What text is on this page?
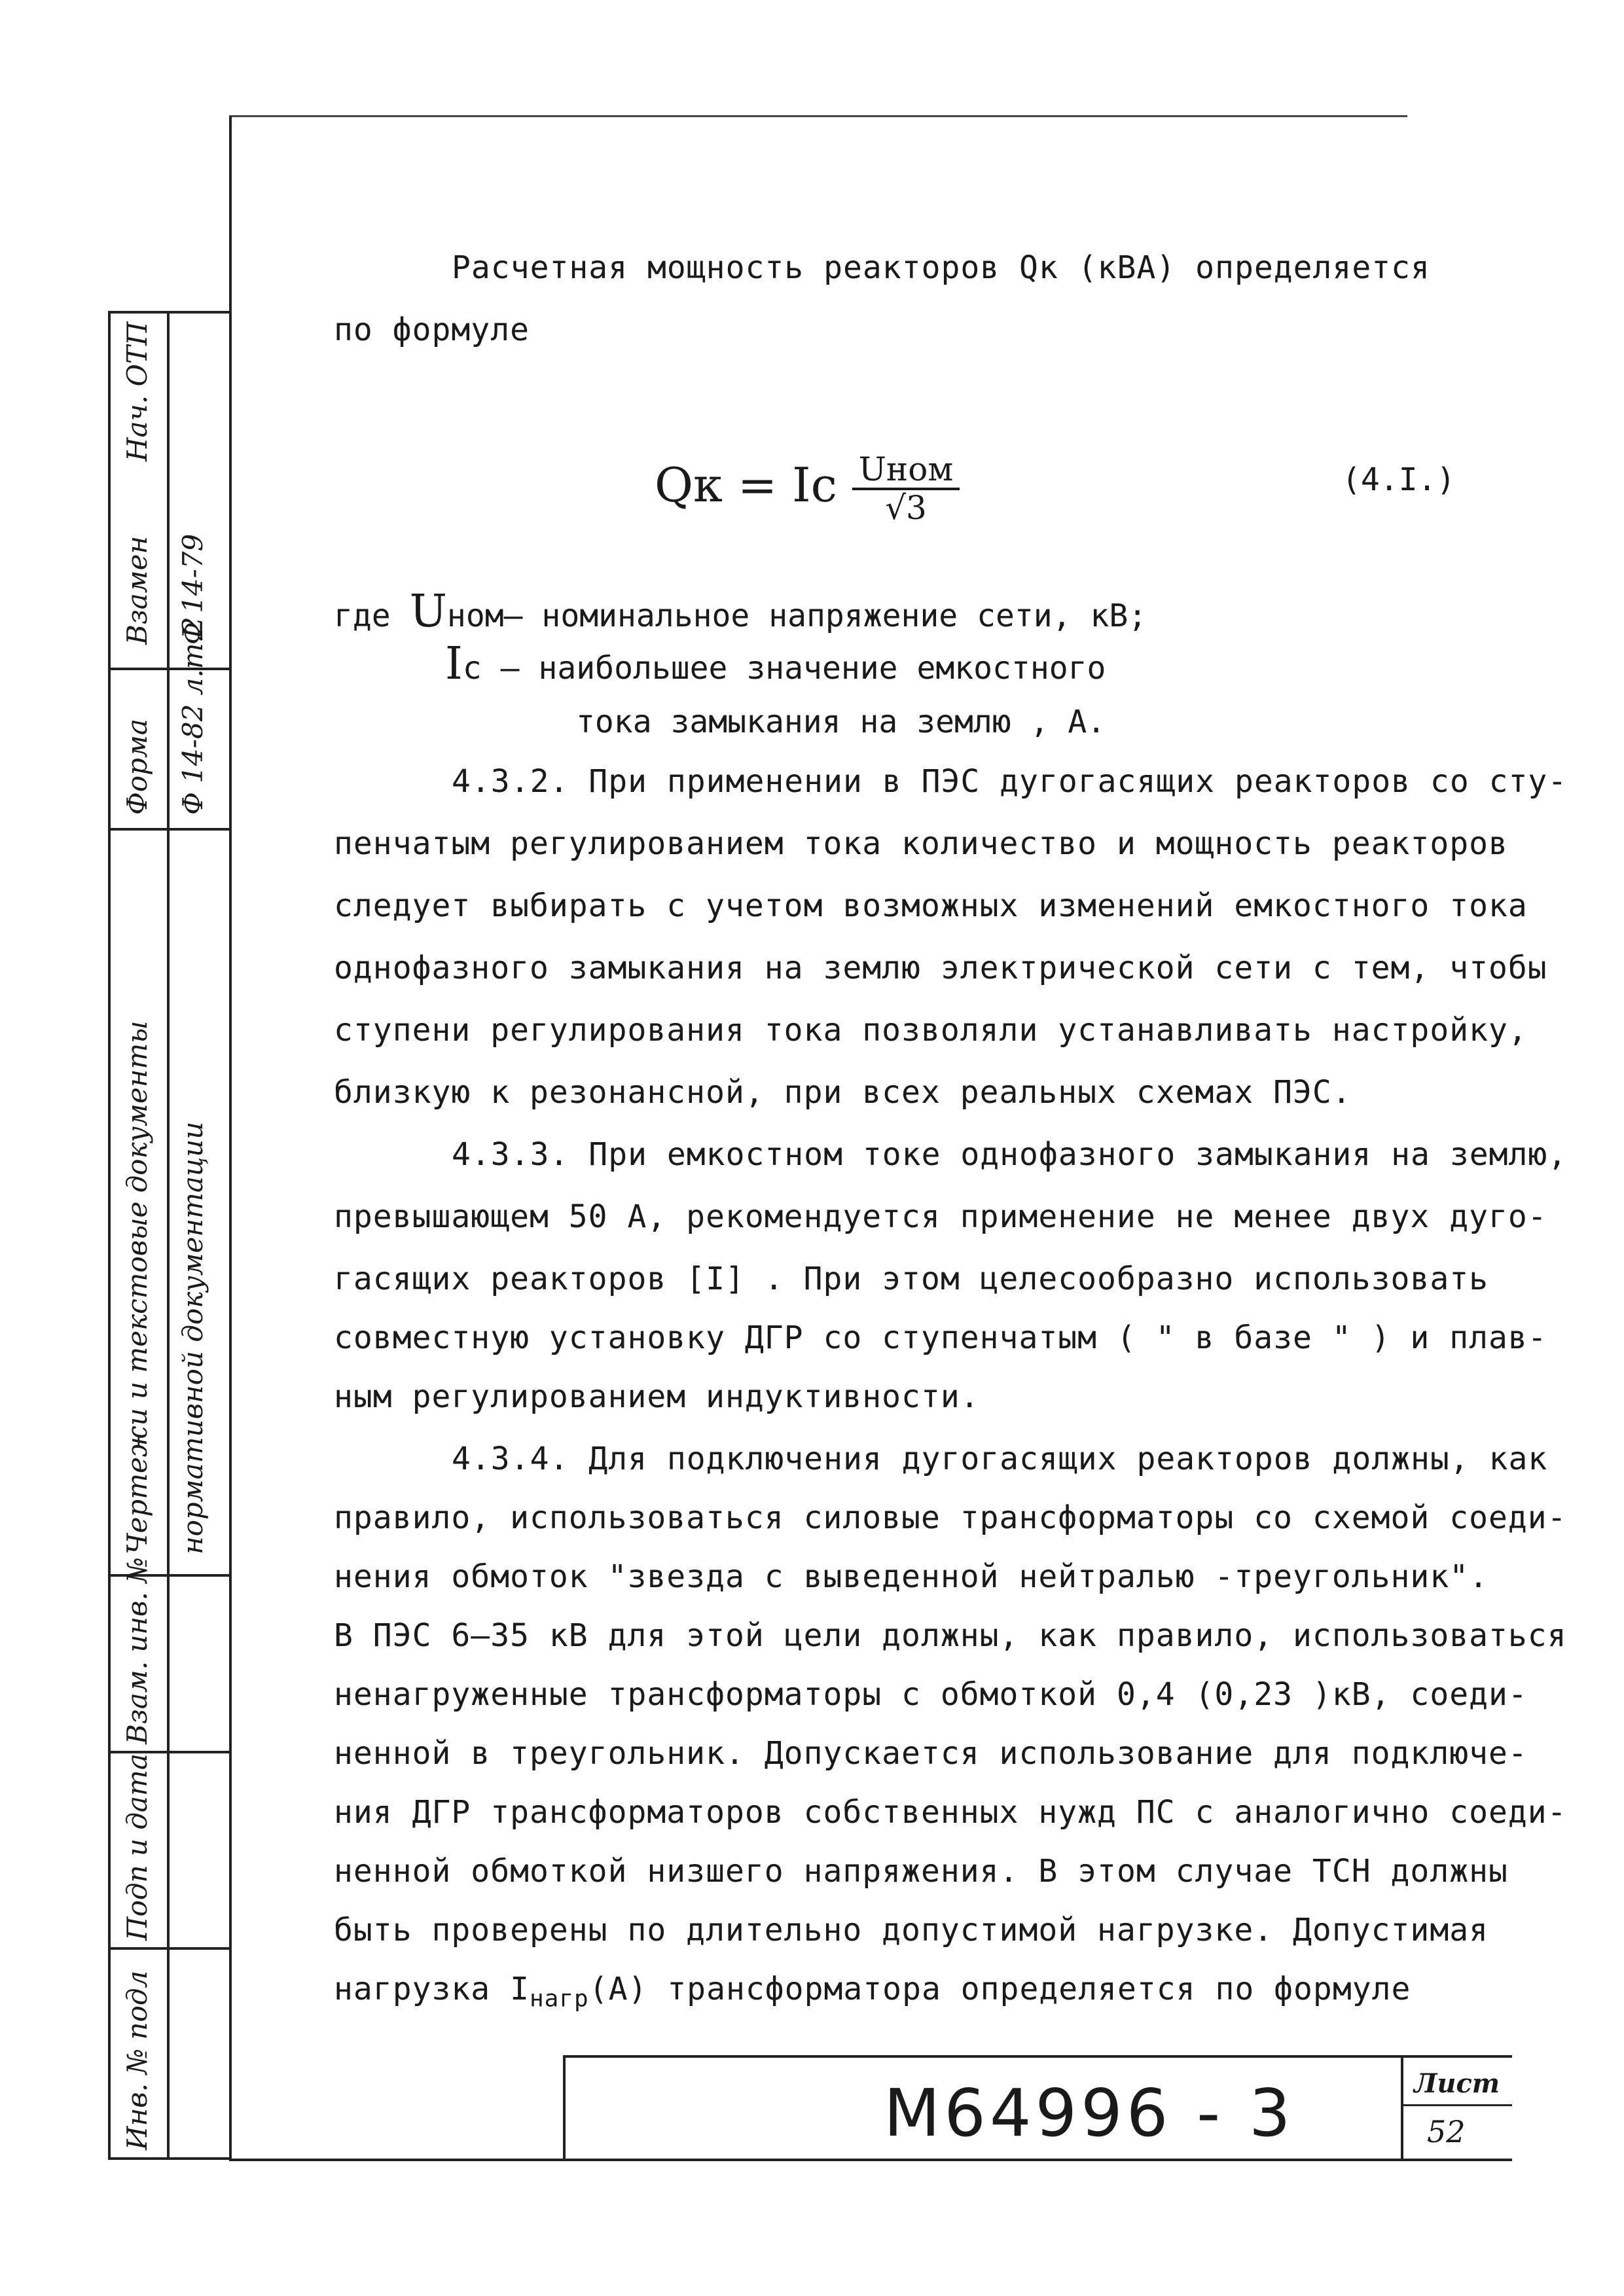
Нач. ОТП
Взамен Ф 14-79
Форма Ф 14-82 л.т.2
Чертежи и текстовые документы нормативной документации
Взам. инв. №
Подп и дата
Инв. № подл
Расчетная мощность реакторов Qк (кВА) определяется
по формуле
Qк = Iс $\frac{\text{Uном}}{√3}$	(4.I.)
где Uном– номинальное напряжение сети, кВ;
Iс – наибольшее значение емкостного
тока замыкания на землю , А.
4.3.2. При применении в ПЭС дугогасящих реакторов со сту-
пенчатым регулированием тока количество и мощность реакторов
следует выбирать с учетом возможных изменений емкостного тока
однофазного замыкания на землю электрической сети с тем, чтобы
ступени регулирования тока позволяли устанавливать настройку,
близкую к резонансной, при всех реальных схемах ПЭС.
4.3.3. При емкостном токе однофазного замыкания на землю,
превышающем 50 А, рекомендуется применение не менее двух дуго-
гасящих реакторов [I] . При этом целесообразно использовать
совместную установку ДГР со ступенчатым ( " в базе " ) и плав-
ным регулированием индуктивности.
4.3.4. Для подключения дугогасящих реакторов должны, как
правило, использоваться силовые трансформаторы со схемой соеди-
нения обмоток "звезда с выведенной нейтралью -треугольник".
В ПЭС 6–35 кВ для этой цели должны, как правило, использоваться
ненагруженные трансформаторы с обмоткой 0,4 (0,23 )кВ, соеди-
ненной в треугольник. Допускается использование для подключе-
ния ДГР трансформаторов собственных нужд ПС с аналогично соеди-
ненной обмоткой низшего напряжения. В этом случае ТСН должны
быть проверены по длительно допустимой нагрузке. Допустимая
нагрузка $I_{нагр}(А)$ трансформатора определяется по формуле
М64996 - 3	Лист
52
